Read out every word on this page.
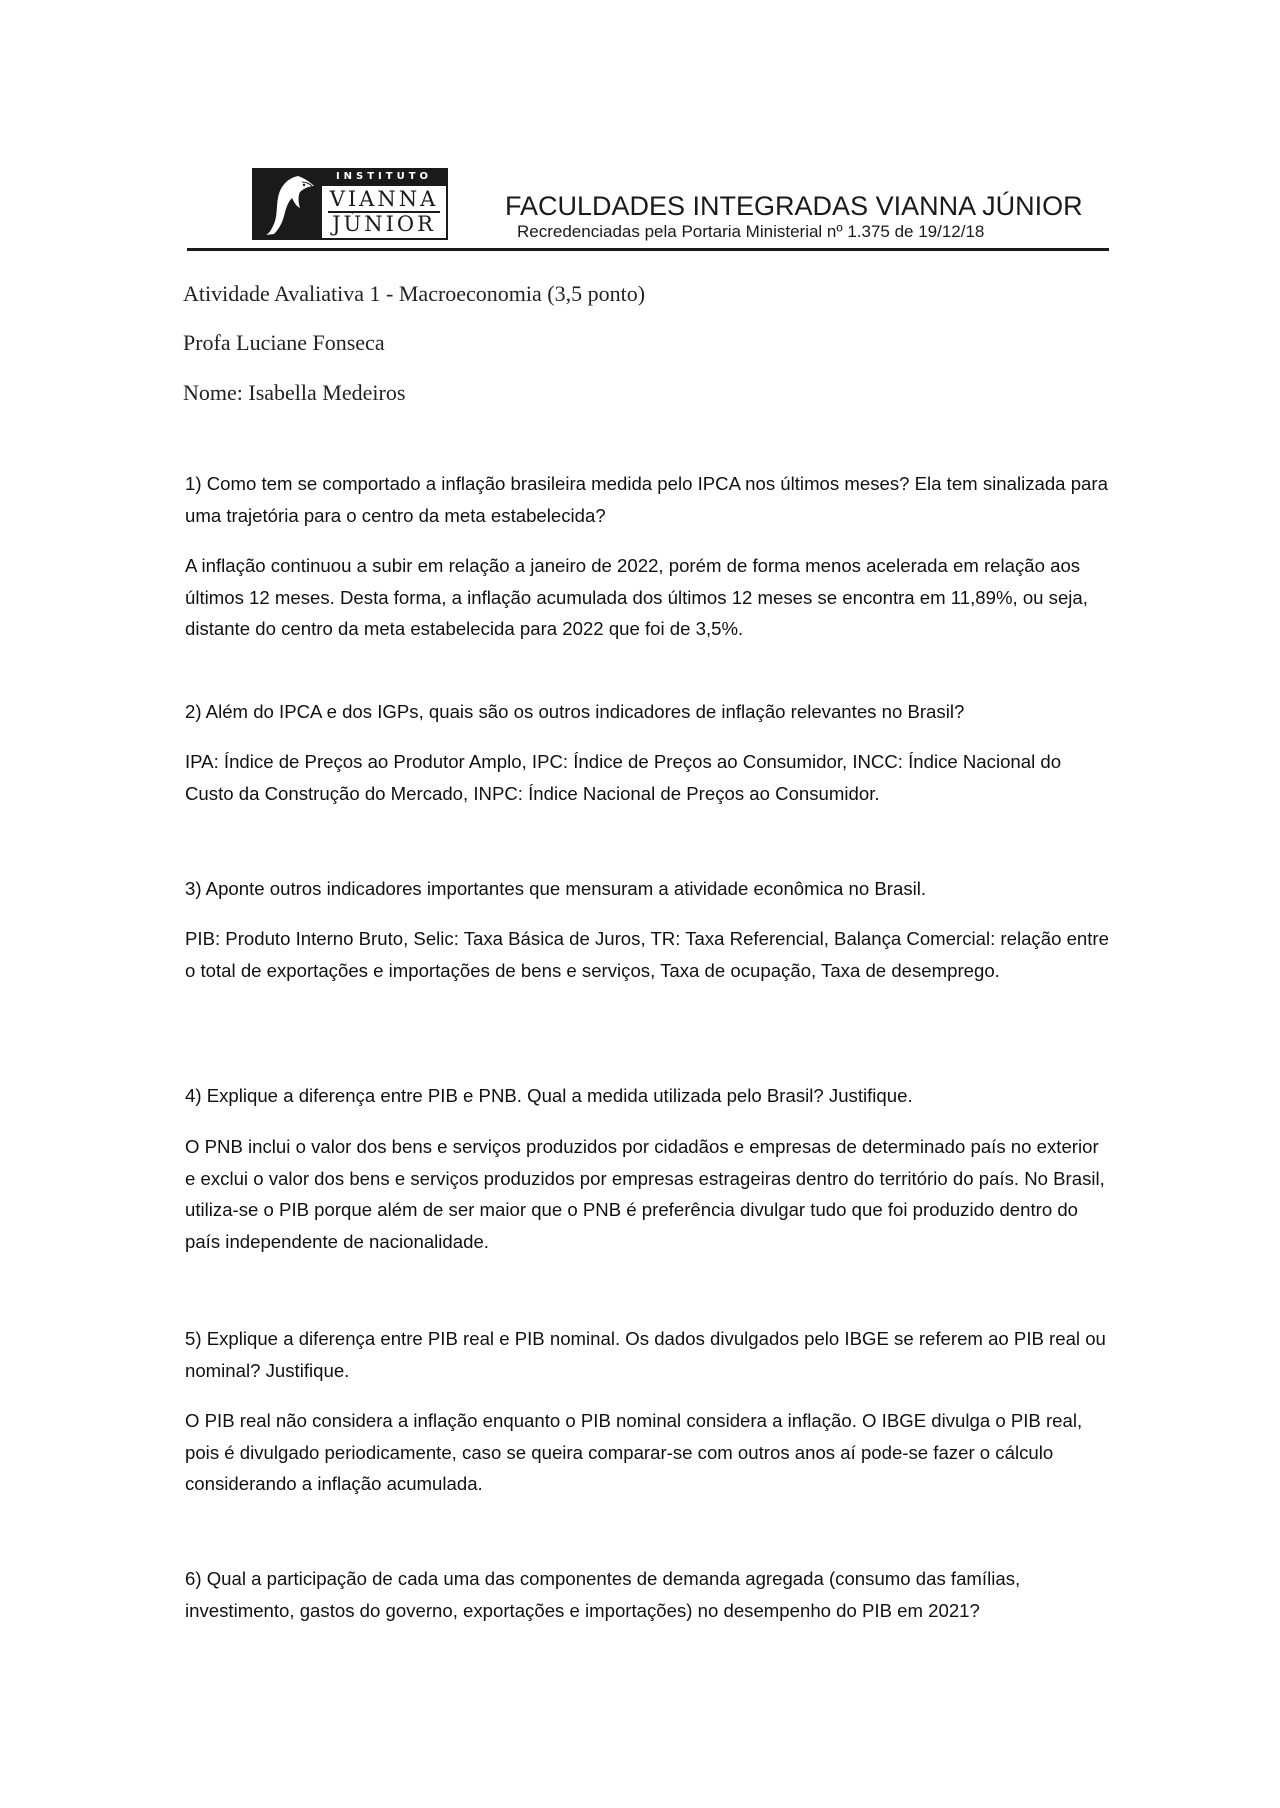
INSTITUTO
VIANNA
JÚNIOR
FACULDADES INTEGRADAS VIANNA JÚNIOR
Recredenciadas pela Portaria Ministerial nº 1.375 de 19/12/18
Atividade Avaliativa 1 - Macroeconomia (3,5 ponto)
Profa Luciane Fonseca
Nome: Isabella Medeiros

1) Como tem se comportado a inflação brasileira medida pelo IPCA nos últimos meses? Ela tem sinalizada para uma trajetória para o centro da meta estabelecida?

A inflação continuou a subir em relação a janeiro de 2022, porém de forma menos acelerada em relação aos últimos 12 meses. Desta forma, a inflação acumulada dos últimos 12 meses se encontra em 11,89%, ou seja, distante do centro da meta estabelecida para 2022 que foi de 3,5%.

2) Além do IPCA e dos IGPs, quais são os outros indicadores de inflação relevantes no Brasil?

IPA: Índice de Preços ao Produtor Amplo, IPC: Índice de Preços ao Consumidor, INCC: Índice Nacional do Custo da Construção do Mercado, INPC: Índice Nacional de Preços ao Consumidor.

3) Aponte outros indicadores importantes que mensuram a atividade econômica no Brasil.

PIB: Produto Interno Bruto, Selic: Taxa Básica de Juros, TR: Taxa Referencial, Balança Comercial: relação entre o total de exportações e importações de bens e serviços, Taxa de ocupação, Taxa de desemprego.

4) Explique a diferença entre PIB e PNB. Qual a medida utilizada pelo Brasil? Justifique.

O PNB inclui o valor dos bens e serviços produzidos por cidadãos e empresas de determinado país no exterior e exclui o valor dos bens e serviços produzidos por empresas estrageiras dentro do território do país. No Brasil, utiliza-se o PIB porque além de ser maior que o PNB é preferência divulgar tudo que foi produzido dentro do país independente de nacionalidade.

5) Explique a diferença entre PIB real e PIB nominal. Os dados divulgados pelo IBGE se referem ao PIB real ou nominal? Justifique.

O PIB real não considera a inflação enquanto o PIB nominal considera a inflação. O IBGE divulga o PIB real, pois é divulgado periodicamente, caso se queira comparar-se com outros anos aí pode-se fazer o cálculo considerando a inflação acumulada.

6) Qual a participação de cada uma das componentes de demanda agregada (consumo das famílias, investimento, gastos do governo, exportações e importações) no desempenho do PIB em 2021?
